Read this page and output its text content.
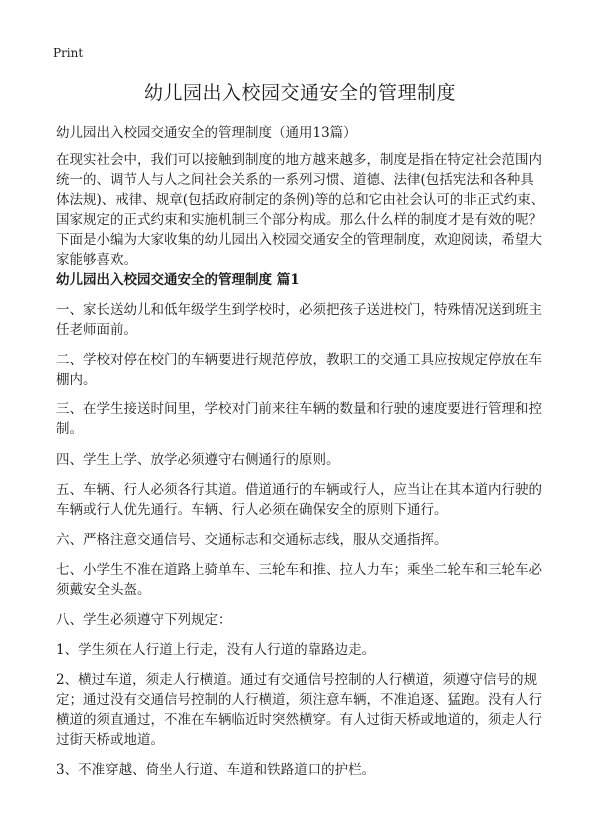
Print
幼儿园出入校园交通安全的管理制度
幼儿园出入校园交通安全的管理制度（通用13篇）

在现实社会中，我们可以接触到制度的地方越来越多，制度是指在特定社会范围内统一的、调节人与人之间社会关系的一系列习惯、道德、法律(包括宪法和各种具体法规)、戒律、规章(包括政府制定的条例)等的总和它由社会认可的非正式约束、国家规定的正式约束和实施机制三个部分构成。那么什么样的制度才是有效的呢？下面是小编为大家收集的幼儿园出入校园交通安全的管理制度，欢迎阅读，希望大家能够喜欢。

幼儿园出入校园交通安全的管理制度 篇1

一、家长送幼儿和低年级学生到学校时，必须把孩子送进校门，特殊情况送到班主任老师面前。

二、学校对停在校门的车辆要进行规范停放，教职工的交通工具应按规定停放在车棚内。

三、在学生接送时间里，学校对门前来往车辆的数量和行驶的速度要进行管理和控制。

四、学生上学、放学必须遵守右侧通行的原则。

五、车辆、行人必须各行其道。借道通行的车辆或行人，应当让在其本道内行驶的车辆或行人优先通行。车辆、行人必须在确保安全的原则下通行。

六、严格注意交通信号、交通标志和交通标志线，服从交通指挥。

七、小学生不准在道路上骑单车、三轮车和推、拉人力车；乘坐二轮车和三轮车必须戴安全头盔。

八、学生必须遵守下列规定：

1、学生须在人行道上行走，没有人行道的靠路边走。

2、横过车道，须走人行横道。通过有交通信号控制的人行横道，须遵守信号的规定；通过没有交通信号控制的人行横道，须注意车辆，不准追逐、猛跑。没有人行横道的须直通过，不准在车辆临近时突然横穿。有人过街天桥或地道的，须走人行过街天桥或地道。

3、不准穿越、倚坐人行道、车道和铁路道口的护栏。
